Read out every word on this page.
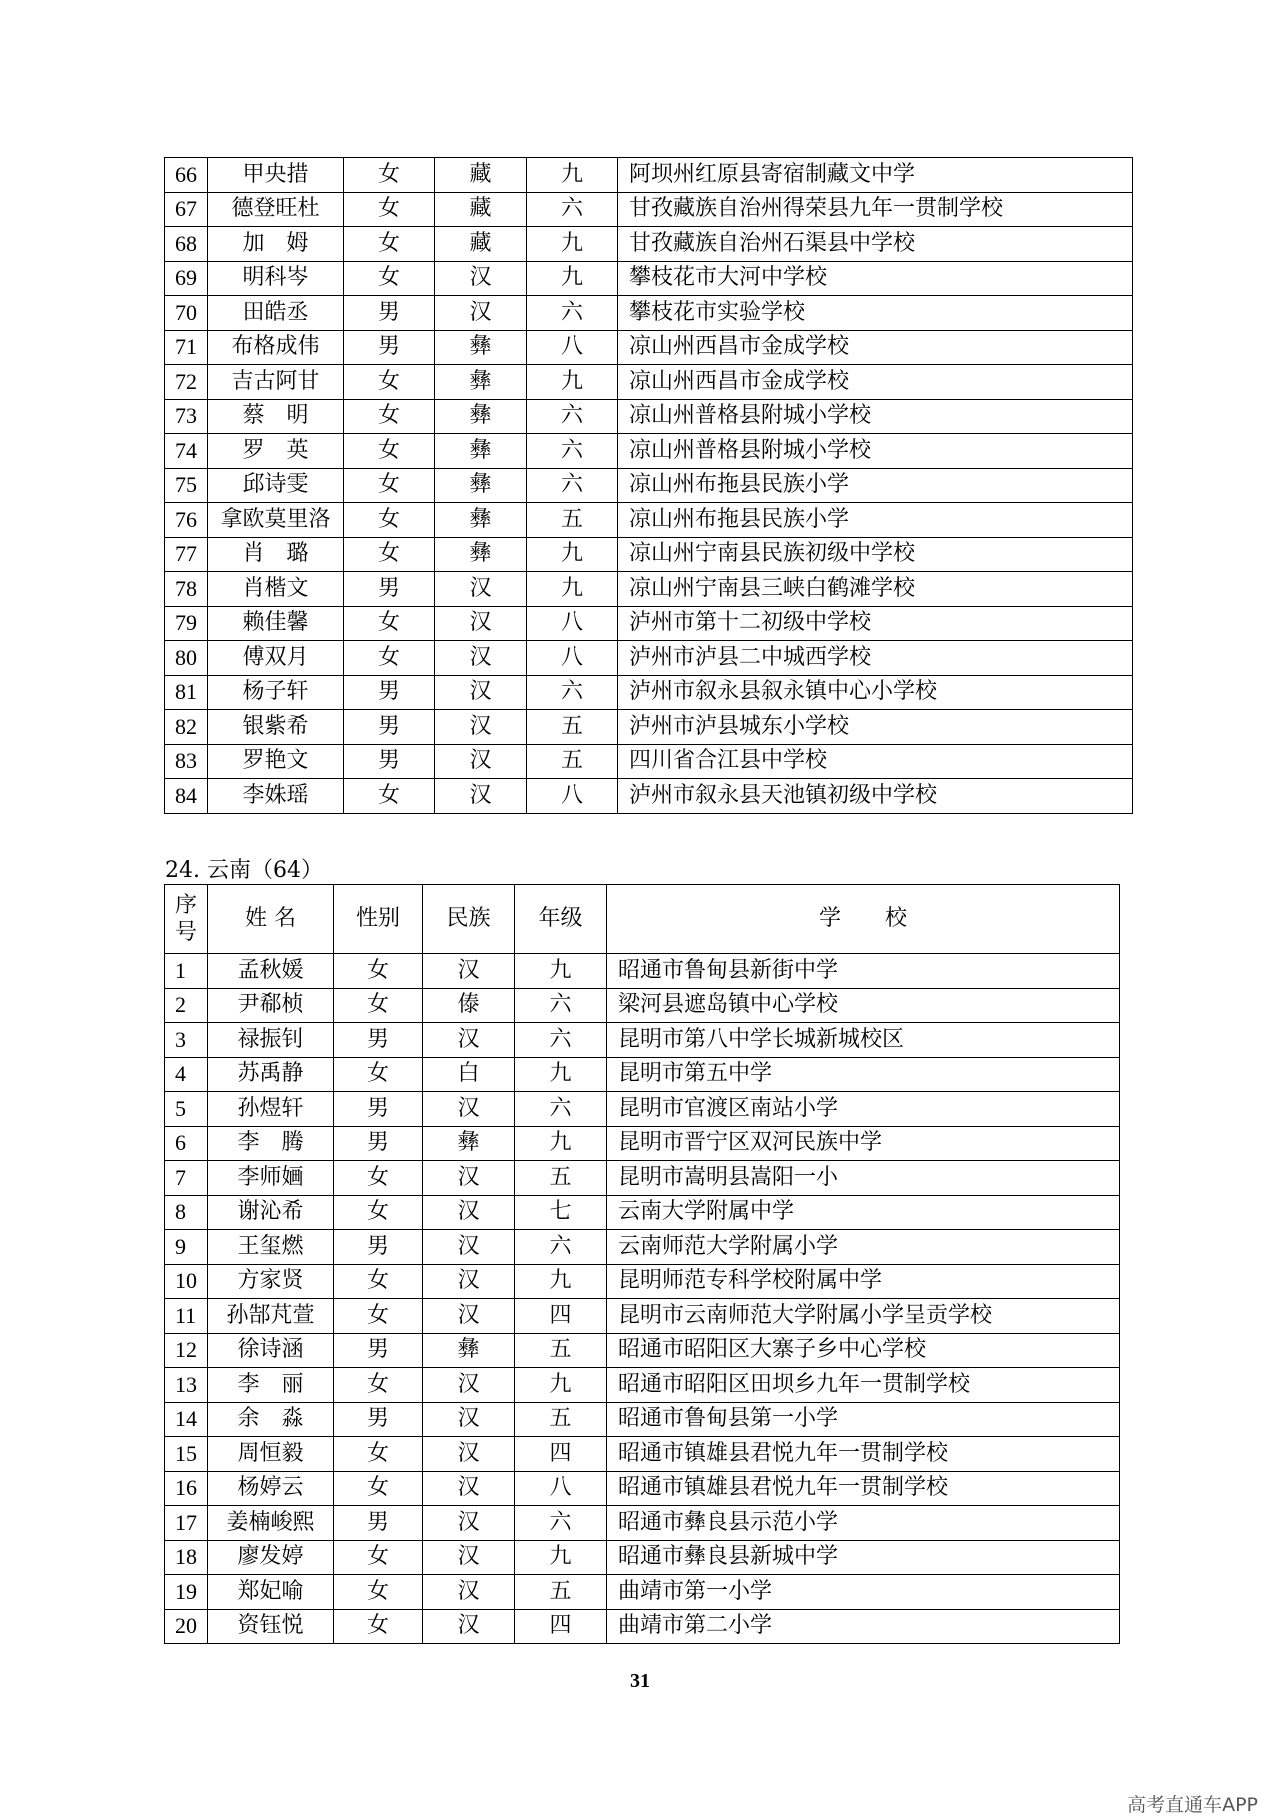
66	甲央措	女	藏	九	阿坝州红原县寄宿制藏文中学
67	德登旺杜	女	藏	六	甘孜藏族自治州得荣县九年一贯制学校
68	加　姆	女	藏	九	甘孜藏族自治州石渠县中学校
69	明科岑	女	汉	九	攀枝花市大河中学校
70	田皓丞	男	汉	六	攀枝花市实验学校
71	布格成伟	男	彝	八	凉山州西昌市金成学校
72	吉古阿甘	女	彝	九	凉山州西昌市金成学校
73	蔡　明	女	彝	六	凉山州普格县附城小学校
74	罗　英	女	彝	六	凉山州普格县附城小学校
75	邱诗雯	女	彝	六	凉山州布拖县民族小学
76	拿欧莫里洛	女	彝	五	凉山州布拖县民族小学
77	肖　璐	女	彝	九	凉山州宁南县民族初级中学校
78	肖楷文	男	汉	九	凉山州宁南县三峡白鹤滩学校
79	赖佳馨	女	汉	八	泸州市第十二初级中学校
80	傅双月	女	汉	八	泸州市泸县二中城西学校
81	杨子轩	男	汉	六	泸州市叙永县叙永镇中心小学校
82	银紫希	男	汉	五	泸州市泸县城东小学校
83	罗艳文	男	汉	五	四川省合江县中学校
84	李姝瑶	女	汉	八	泸州市叙永县天池镇初级中学校
24. 云南（64）
序号	姓 名	性别	民族	年级	学　　校
1	孟秋媛	女	汉	九	昭通市鲁甸县新街中学
2	尹郗桢	女	傣	六	梁河县遮岛镇中心学校
3	禄振钊	男	汉	六	昆明市第八中学长城新城校区
4	苏禹静	女	白	九	昆明市第五中学
5	孙煜轩	男	汉	六	昆明市官渡区南站小学
6	李　腾	男	彝	九	昆明市晋宁区双河民族中学
7	李师婳	女	汉	五	昆明市嵩明县嵩阳一小
8	谢沁希	女	汉	七	云南大学附属中学
9	王玺燃	男	汉	六	云南师范大学附属小学
10	方家贤	女	汉	九	昆明师范专科学校附属中学
11	孙郜芃萱	女	汉	四	昆明市云南师范大学附属小学呈贡学校
12	徐诗涵	男	彝	五	昭通市昭阳区大寨子乡中心学校
13	李　丽	女	汉	九	昭通市昭阳区田坝乡九年一贯制学校
14	余　淼	男	汉	五	昭通市鲁甸县第一小学
15	周恒毅	女	汉	四	昭通市镇雄县君悦九年一贯制学校
16	杨婷云	女	汉	八	昭通市镇雄县君悦九年一贯制学校
17	姜楠峻熙	男	汉	六	昭通市彝良县示范小学
18	廖发婷	女	汉	九	昭通市彝良县新城中学
19	郑妃喻	女	汉	五	曲靖市第一小学
20	资钰悦	女	汉	四	曲靖市第二小学
31
高考直通车APP
